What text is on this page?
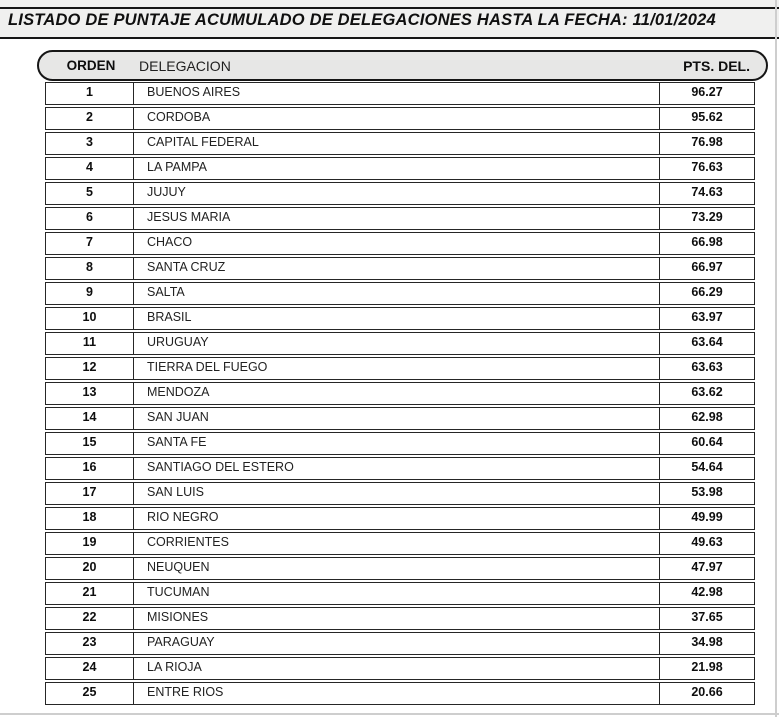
LISTADO DE PUNTAJE ACUMULADO DE DELEGACIONES HASTA LA FECHA: 11/01/2024
ORDEN	DELEGACION	PTS. DEL.
1	BUENOS AIRES	96.27
2	CORDOBA	95.62
3	CAPITAL FEDERAL	76.98
4	LA PAMPA	76.63
5	JUJUY	74.63
6	JESUS MARIA	73.29
7	CHACO	66.98
8	SANTA CRUZ	66.97
9	SALTA	66.29
10	BRASIL	63.97
11	URUGUAY	63.64
12	TIERRA DEL FUEGO	63.63
13	MENDOZA	63.62
14	SAN JUAN	62.98
15	SANTA FE	60.64
16	SANTIAGO DEL ESTERO	54.64
17	SAN LUIS	53.98
18	RIO NEGRO	49.99
19	CORRIENTES	49.63
20	NEUQUEN	47.97
21	TUCUMAN	42.98
22	MISIONES	37.65
23	PARAGUAY	34.98
24	LA RIOJA	21.98
25	ENTRE RIOS	20.66
